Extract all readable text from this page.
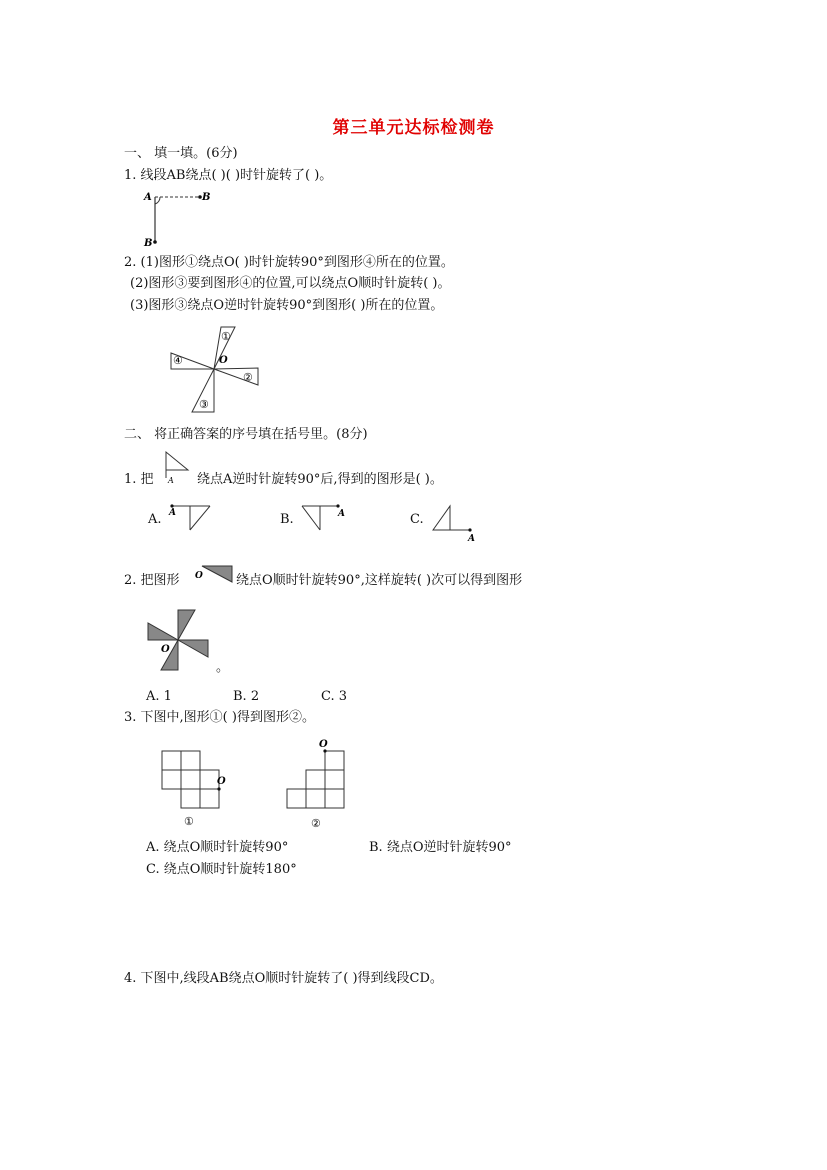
第三单元达标检测卷
一、 填一填。(6分)
1. 线段AB绕点( )( )时针旋转了( )。
A	B
B
2. (1)图形①绕点O( )时针旋转90°到图形④所在的位置。
(2)图形③要到图形④的位置,可以绕点O顺时针旋转( )。
(3)图形③绕点O逆时针旋转90°到图形( )所在的位置。
①
②
③
④	O
二、 将正确答案的序号填在括号里。(8分)
1. 把 A 绕点A逆时针旋转90°后,得到的图形是( )。
A. A	B.	A	C.
A
2. 把图形 O	绕点O顺时针旋转90°,这样旋转( )次可以得到图形
O
。
A. 1	B. 2	C. 3
3. 下图中,图形①( )得到图形②。
O
①
O
②
A. 绕点O顺时针旋转90°	B. 绕点O逆时针旋转90°
C. 绕点O顺时针旋转180°
4. 下图中,线段AB绕点O顺时针旋转了( )得到线段CD。
